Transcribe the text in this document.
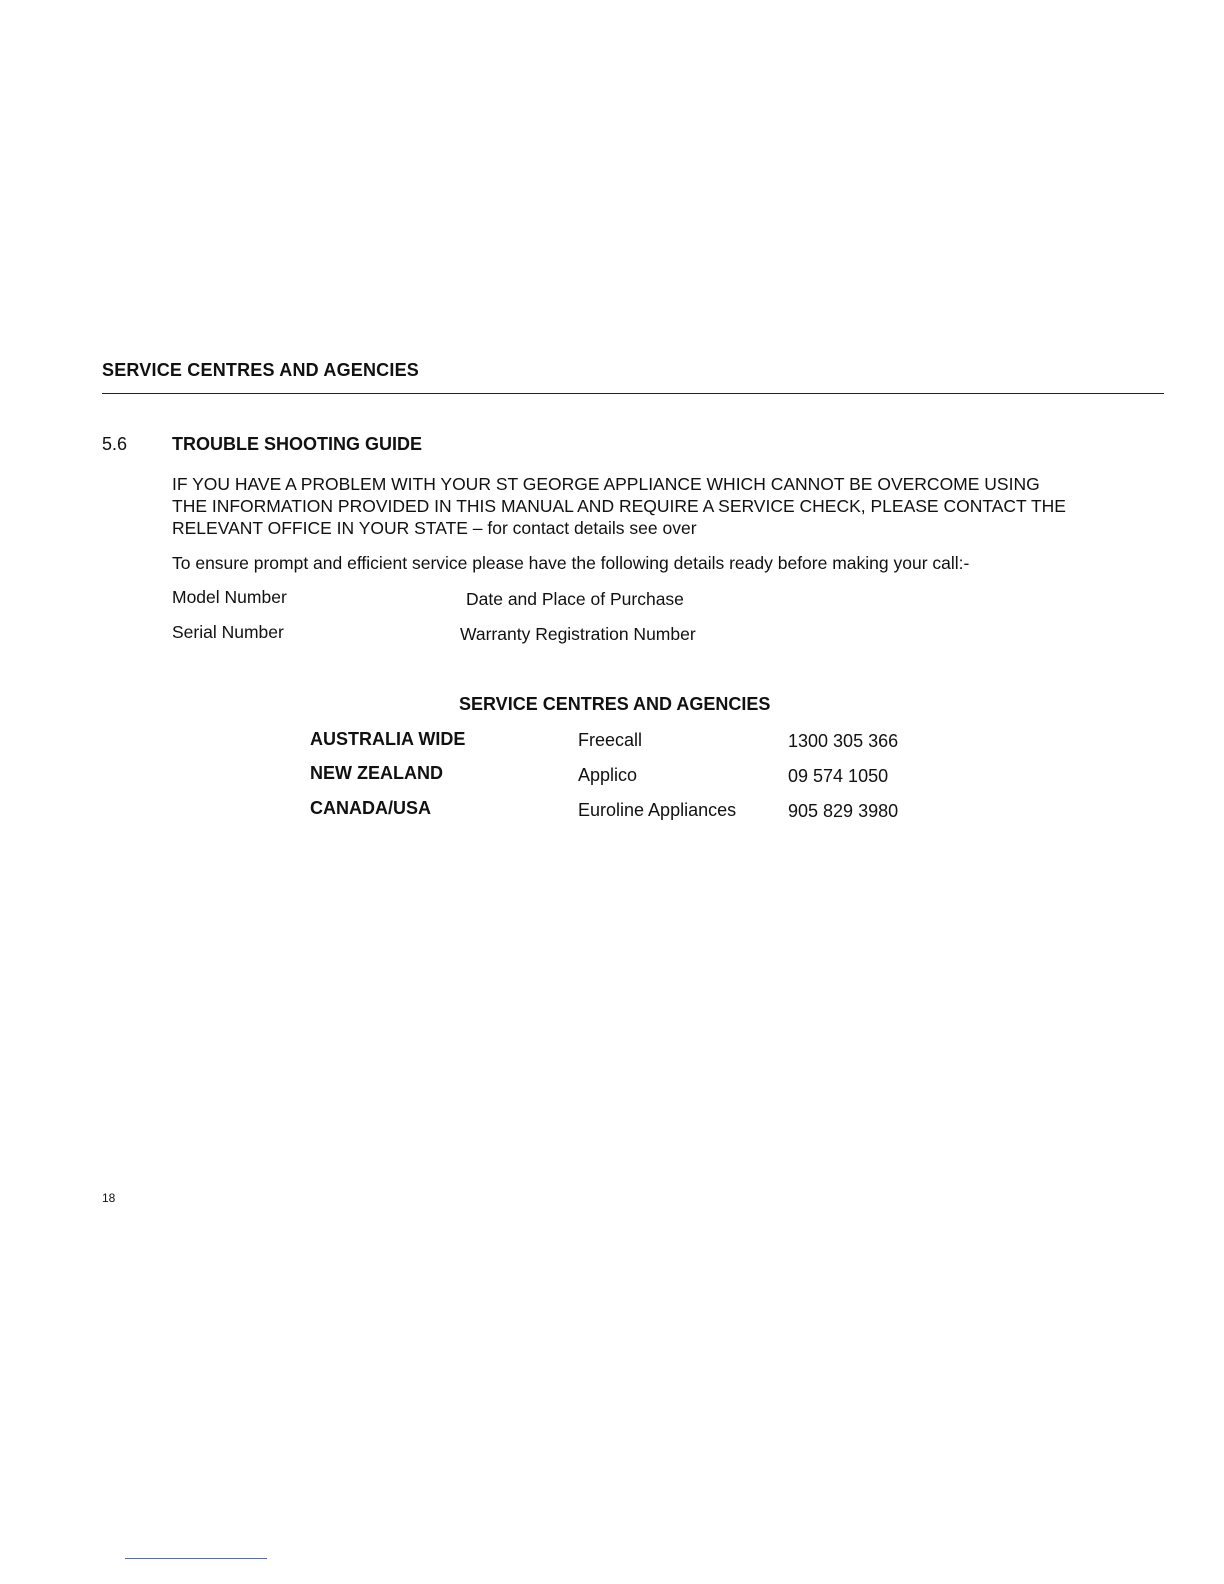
SERVICE CENTRES AND AGENCIES
5.6 TROUBLE SHOOTING GUIDE
IF YOU HAVE A PROBLEM WITH YOUR ST GEORGE APPLIANCE WHICH CANNOT BE OVERCOME USING
THE INFORMATION PROVIDED IN THIS MANUAL AND REQUIRE A SERVICE CHECK, PLEASE CONTACT THE
RELEVANT OFFICE IN YOUR STATE – for contact details see over
To ensure prompt and efficient service please have the following details ready before making your call:-
Model Number	Date and Place of Purchase
Serial Number	Warranty Registration Number
SERVICE CENTRES AND AGENCIES
AUSTRALIA WIDE	Freecall	1300 305 366
NEW ZEALAND	Applico	09 574 1050
CANADA/USA	Euroline Appliances	905 829 3980
18
